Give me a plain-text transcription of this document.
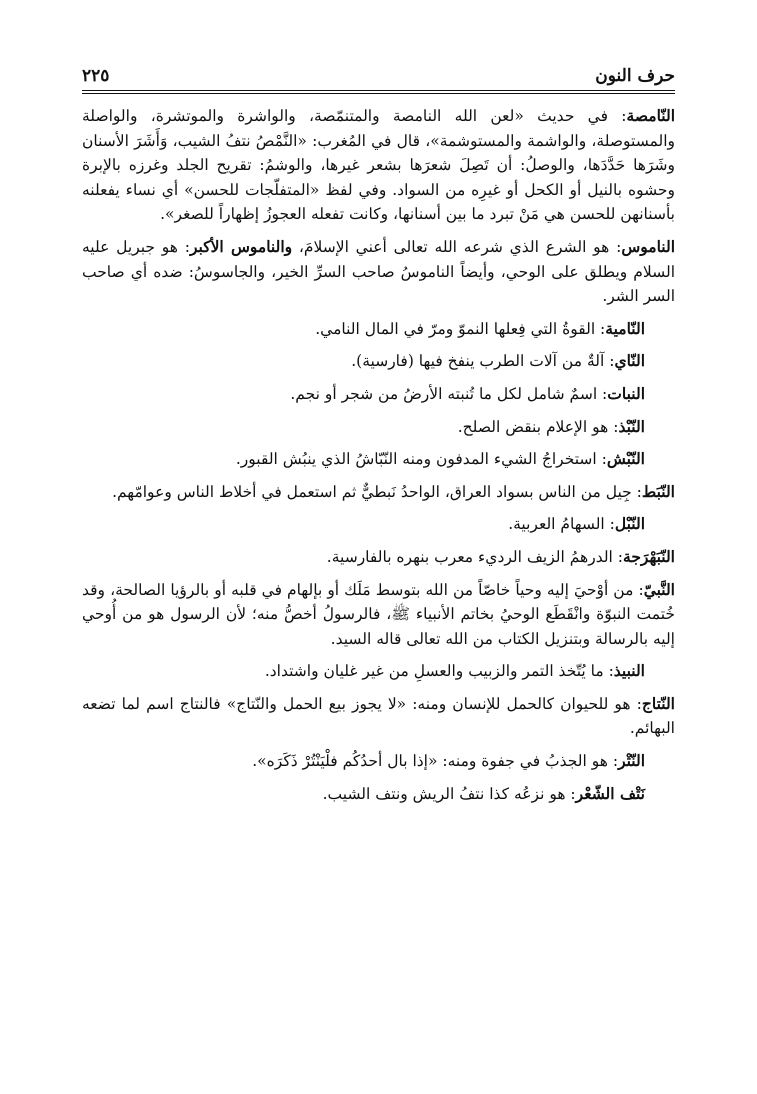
حرف النون
٢٢٥

النّامصة: في حديث «لعن الله النامصة والمتنمّصة، والواشرة والموتشرة، والواصلة والمستوصلة، والواشمة والمستوشمة»، قال في المُغرب: «النَّمْصُ نتفُ الشيب، وَأَشَرَ الأسنان وشَرَها حَدَّدَها، والوصلُ: أن تَصِلَ شعرَها بشعر غيرها، والوشمُ: تقريح الجلد وغرزه بالإبرة وحشوه بالنيل أو الكحل أو غيرِه من السواد. وفي لفظ «المتفلّجات للحسن» أي نساء يفعلنه بأسنانهن للحسن هي مَنْ تبرد ما بين أسنانها، وكانت تفعله العجوزُ إظهاراً للصغر».

الناموس: هو الشرع الذي شرعه الله تعالى أعني الإسلامَ، والناموس الأكبر: هو جبريل عليه السلام ويطلق على الوحي، وأيضاً الناموسُ صاحب السرِّ الخير، والجاسوسُ: ضده أي صاحب السر الشر.

النّامية: القوةُ التي فِعلها النموّ ومرّ في المال النامي.

النّاي: آلةٌ من آلات الطرب ينفخ فيها (فارسية).

النبات: اسمٌ شامل لكل ما تُنبته الأرضُ من شجر أو نجم.

النّبْذ: هو الإعلام بنقض الصلح.

النّبْش: استخراجُ الشيء المدفون ومنه النّبّاشُ الذي ينبُش القبور.

النّبَط: جِيل من الناس بسواد العراق، الواحدُ نَبطيٌّ ثم استعمل في أخلاط الناس وعوامّهم.

النّبْل: السهامُ العربية.

النّبَهْرَجة: الدرهمُ الزيف الرديء معرب بنهره بالفارسية.

النَّبيّ: من أوْحيَ إليه وحياً خاصّاً من الله بتوسط مَلَك أو بإلهام في قلبه أو بالرؤيا الصالحة، وقد خُتمت النبوّة وانْقَطَع الوحيُ بخاتم الأنبياء ﷺ، فالرسولُ أخصُّ منه؛ لأن الرسول هو من أُوحي إليه بالرسالة وبتنزيل الكتاب من الله تعالى قاله السيد.

النبيذ: ما يُتّخذ التمر والزبيب والعسلِ من غير غليان واشتداد.

النّتاج: هو للحيوان كالحمل للإنسان ومنه: «لا يجوز بيع الحمل والنّتاج» فالنتاج اسم لما تضعه البهائم.

النّتْر: هو الجذبُ في جفوة ومنه: «إذا بال أحدُكُم فلْيَنْتُرْ ذَكَرَه».

نَتْف الشّعْر: هو نزعُه كذا نتفُ الريش ونتف الشيب.
